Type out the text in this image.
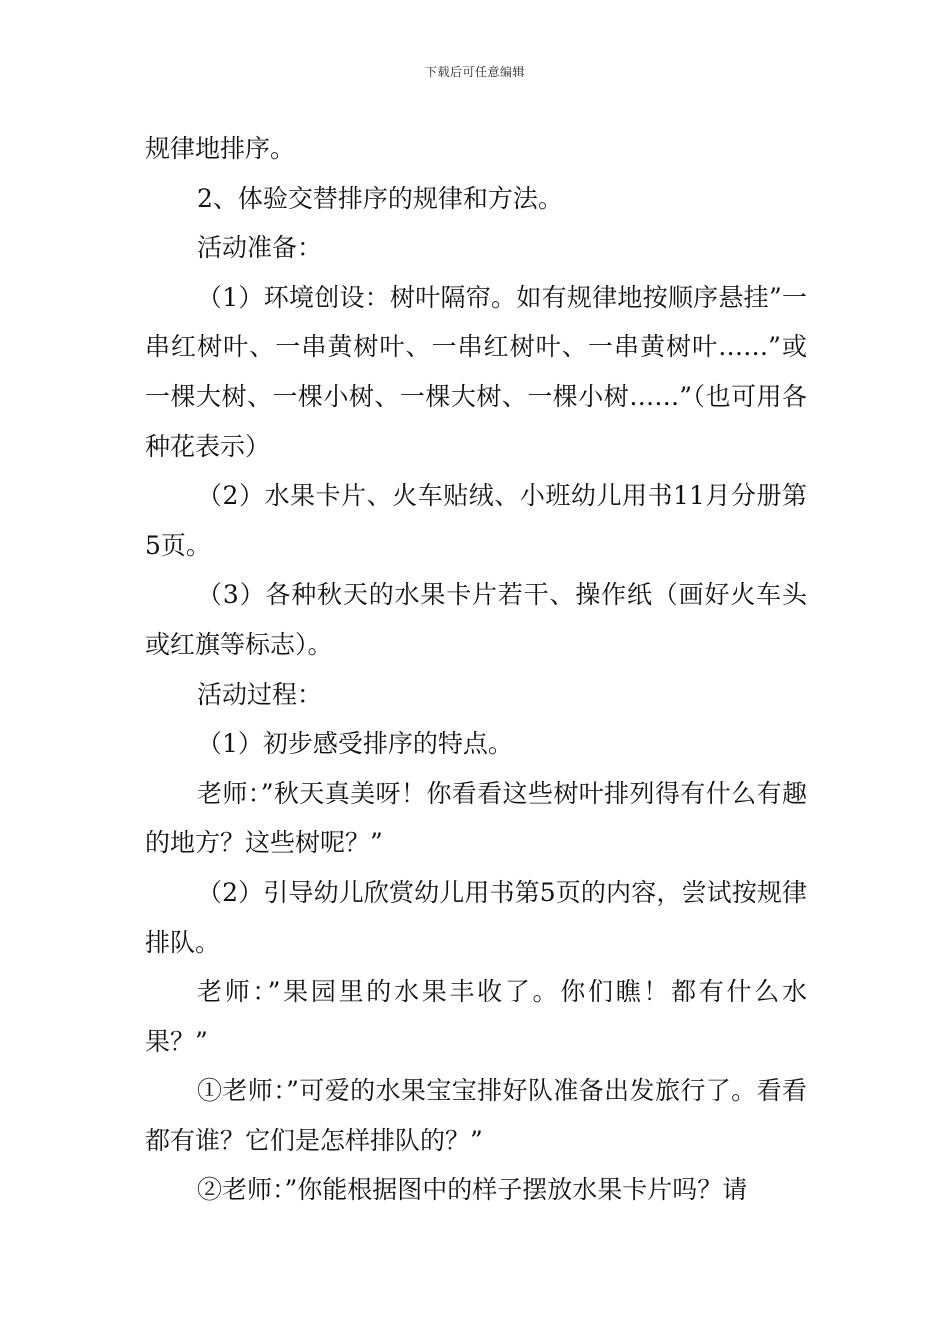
下载后可任意编辑

规律地排序。

2、体验交替排序的规律和方法。

活动准备：

（1）环境创设：树叶隔帘。如有规律地按顺序悬挂”一串红树叶、一串黄树叶、一串红树叶、一串黄树叶……”或一棵大树、一棵小树、一棵大树、一棵小树……”（也可用各种花表示）

（2）水果卡片、火车贴绒、小班幼儿用书11月分册第5页。

（3）各种秋天的水果卡片若干、操作纸（画好火车头或红旗等标志）。

活动过程：

（1）初步感受排序的特点。

老师：”秋天真美呀！你看看这些树叶排列得有什么有趣的地方？这些树呢？”

（2）引导幼儿欣赏幼儿用书第5页的内容，尝试按规律排队。

老师：”果园里的水果丰收了。你们瞧！都有什么水果？”

①老师：”可爱的水果宝宝排好队准备出发旅行了。看看都有谁？它们是怎样排队的？”

②老师：”你能根据图中的样子摆放水果卡片吗？请
